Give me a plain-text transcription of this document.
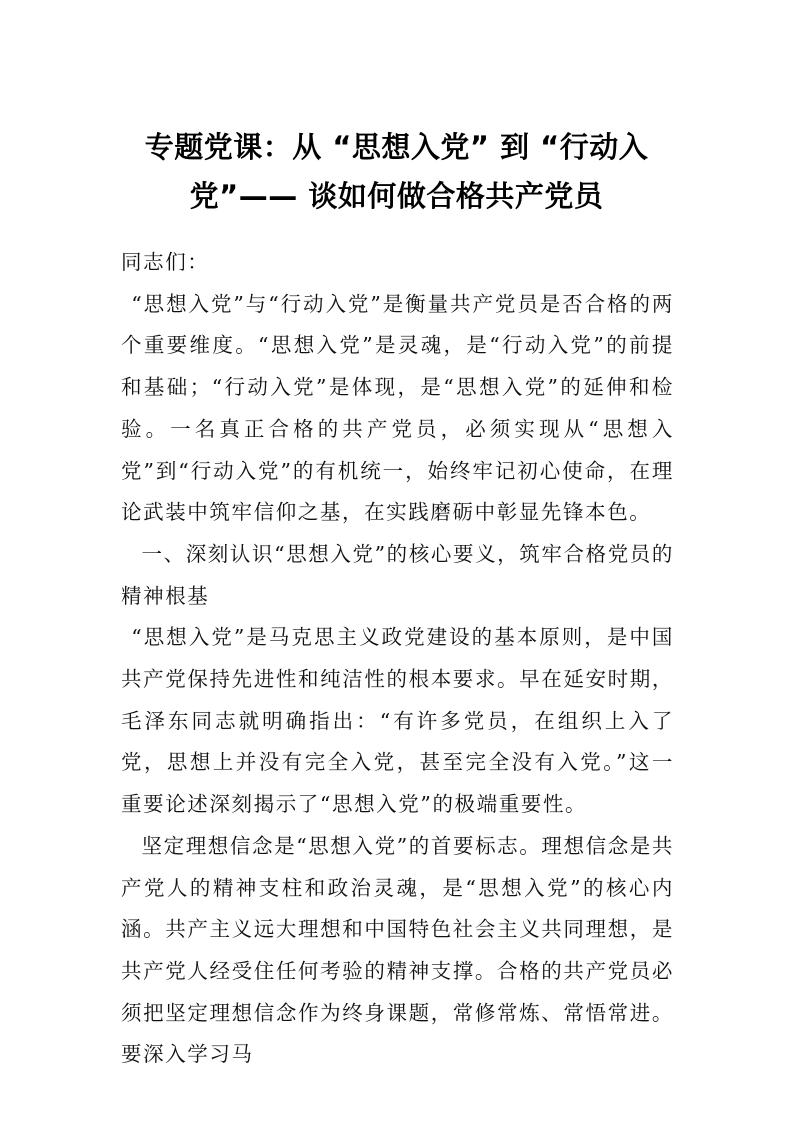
专题党课：从 “思想入党” 到 “行动入党”—— 谈如何做合格共产党员

同志们：

“思想入党”与“行动入党”是衡量共产党员是否合格的两个重要维度。“思想入党”是灵魂，是“行动入党”的前提和基础；“行动入党”是体现，是“思想入党”的延伸和检验。一名真正合格的共产党员，必须实现从“思想入党”到“行动入党”的有机统一，始终牢记初心使命，在理论武装中筑牢信仰之基，在实践磨砺中彰显先锋本色。

一、深刻认识“思想入党”的核心要义，筑牢合格党员的精神根基

“思想入党”是马克思主义政党建设的基本原则，是中国共产党保持先进性和纯洁性的根本要求。早在延安时期，毛泽东同志就明确指出：“有许多党员，在组织上入了党，思想上并没有完全入党，甚至完全没有入党。”这一重要论述深刻揭示了“思想入党”的极端重要性。

坚定理想信念是“思想入党”的首要标志。理想信念是共产党人的精神支柱和政治灵魂，是“思想入党”的核心内涵。共产主义远大理想和中国特色社会主义共同理想，是共产党人经受住任何考验的精神支撑。合格的共产党员必须把坚定理想信念作为终身课题，常修常炼、常悟常进。要深入学习马
